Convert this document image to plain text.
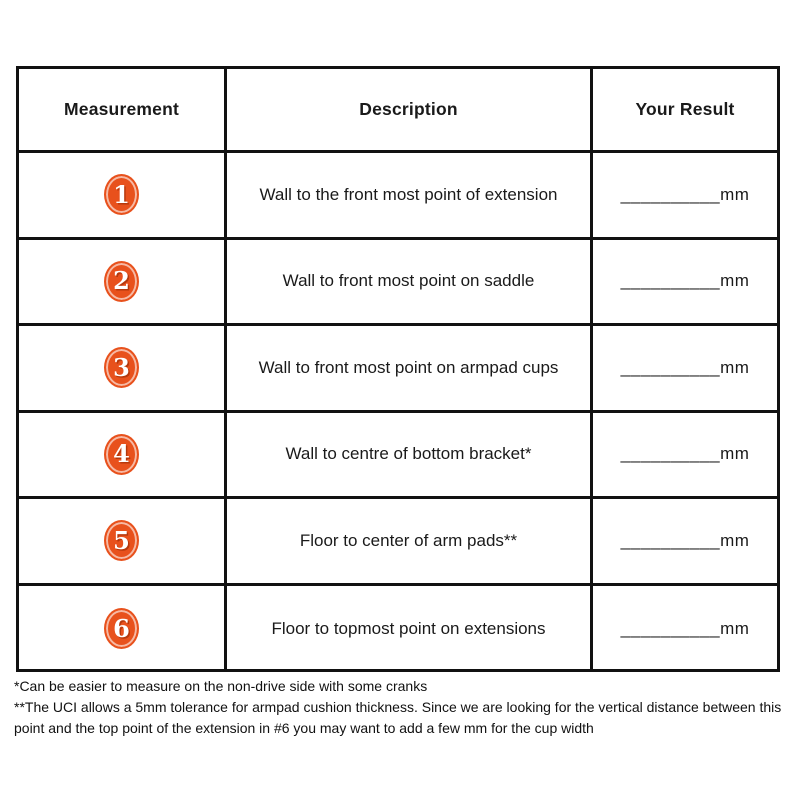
Measurement	Description	Your Result
1	Wall to the front most point of extension	__________mm
2	Wall to front most point on saddle	__________mm
3	Wall to front most point on armpad cups	__________mm
4	Wall to centre of bottom bracket*	__________mm
5	Floor to center of arm pads**	__________mm
6	Floor to topmost point on extensions	__________mm

*Can be easier to measure on the non-drive side with some cranks

**The UCI allows a 5mm tolerance for armpad cushion thickness. Since we are looking for the vertical distance between this point and the top point of the extension in #6 you may want to add a few mm for the cup width
